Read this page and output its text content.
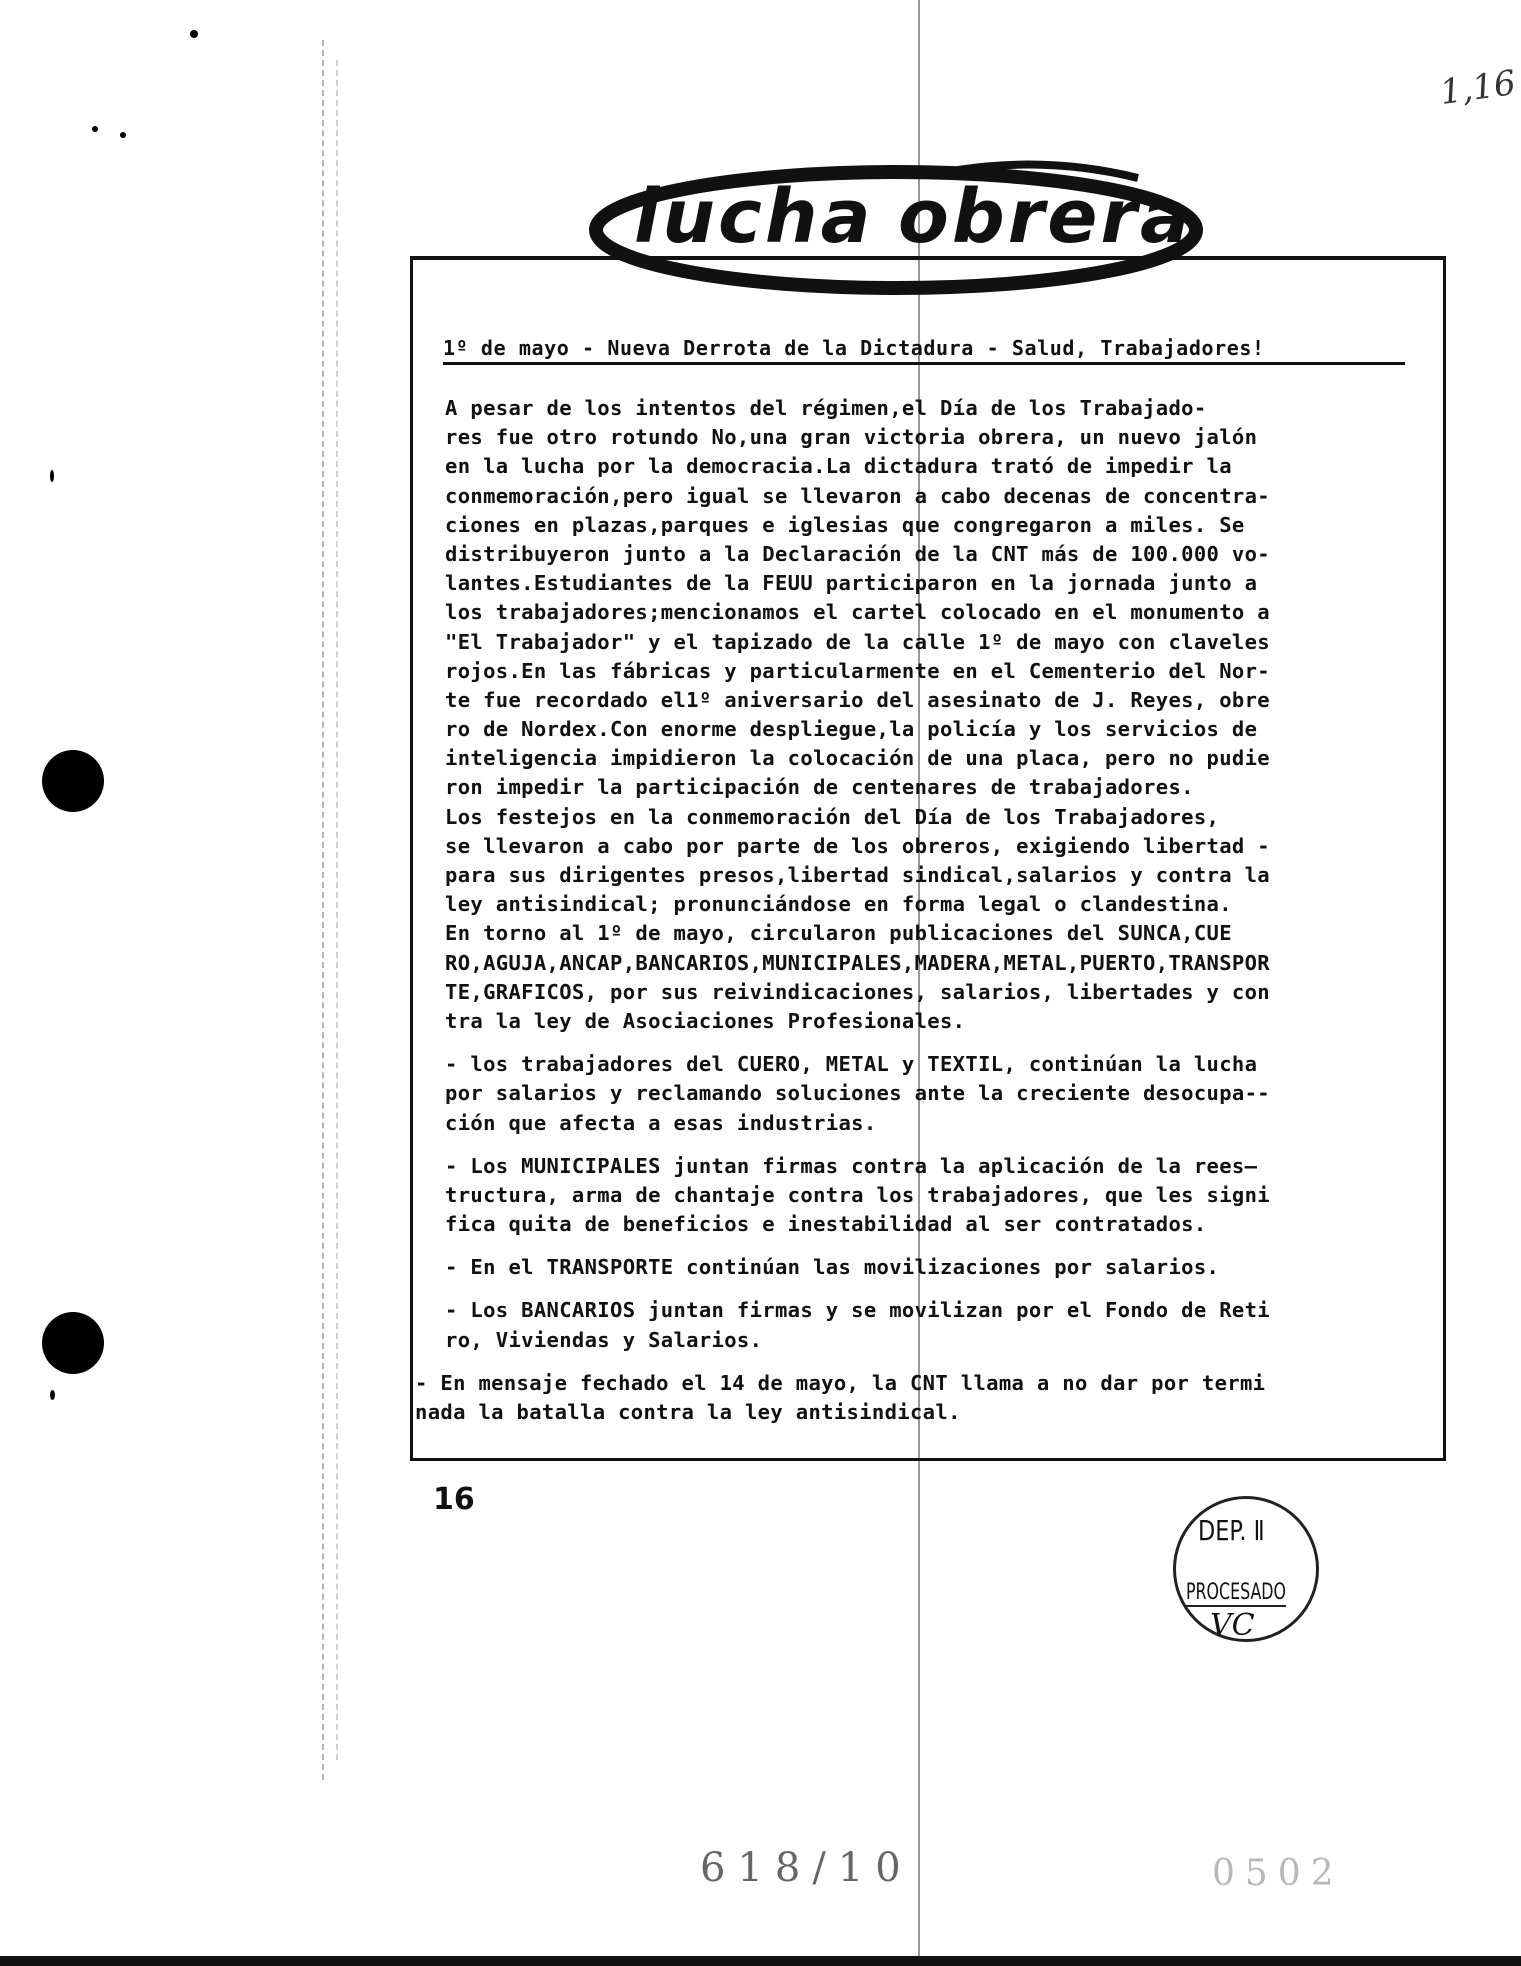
1,16
lucha obrera
1º de mayo - Nueva Derrota de la Dictadura - Salud, Trabajadores!
A pesar de los intentos del régimen,el Día de los Trabajado-
res fue otro rotundo No,una gran victoria obrera, un nuevo jalón
en la lucha por la democracia.La dictadura trató de impedir la
conmemoración,pero igual se llevaron a cabo decenas de concentra-
ciones en plazas,parques e iglesias que congregaron a miles. Se
distribuyeron junto a la Declaración de la CNT más de 100.000 vo-
lantes.Estudiantes de la FEUU participaron en la jornada junto a
los trabajadores;mencionamos el cartel colocado en el monumento a
"El Trabajador" y el tapizado de la calle 1º de mayo con claveles
rojos.En las fábricas y particularmente en el Cementerio del Nor-
te fue recordado el1º aniversario del asesinato de J. Reyes, obre
ro de Nordex.Con enorme despliegue,la policía y los servicios de
inteligencia impidieron la colocación de una placa, pero no pudie
ron impedir la participación de centenares de trabajadores.
Los festejos en la conmemoración del Día de los Trabajadores,
se llevaron a cabo por parte de los obreros, exigiendo libertad -
para sus dirigentes presos,libertad sindical,salarios y contra la
ley antisindical; pronunciándose en forma legal o clandestina.
En torno al 1º de mayo, circularon publicaciones del SUNCA,CUE
RO,AGUJA,ANCAP,BANCARIOS,MUNICIPALES,MADERA,METAL,PUERTO,TRANSPOR
TE,GRAFICOS, por sus reivindicaciones, salarios, libertades y con
tra la ley de Asociaciones Profesionales.
- los trabajadores del CUERO, METAL y TEXTIL, continúan la lucha
por salarios y reclamando soluciones ante la creciente desocupa--
ción que afecta a esas industrias.
- Los MUNICIPALES juntan firmas contra la aplicación de la rees—
tructura, arma de chantaje contra los trabajadores, que les signi
fica quita de beneficios e inestabilidad al ser contratados.
- En el TRANSPORTE continúan las movilizaciones por salarios.
- Los BANCARIOS juntan firmas y se movilizan por el Fondo de Reti
ro, Viviendas y Salarios.
- En mensaje fechado el 14 de mayo, la CNT llama a no dar por termi
nada la batalla contra la ley antisindical.
16
DEP. Ⅱ
PROCESADO
VC
618/10	0502
